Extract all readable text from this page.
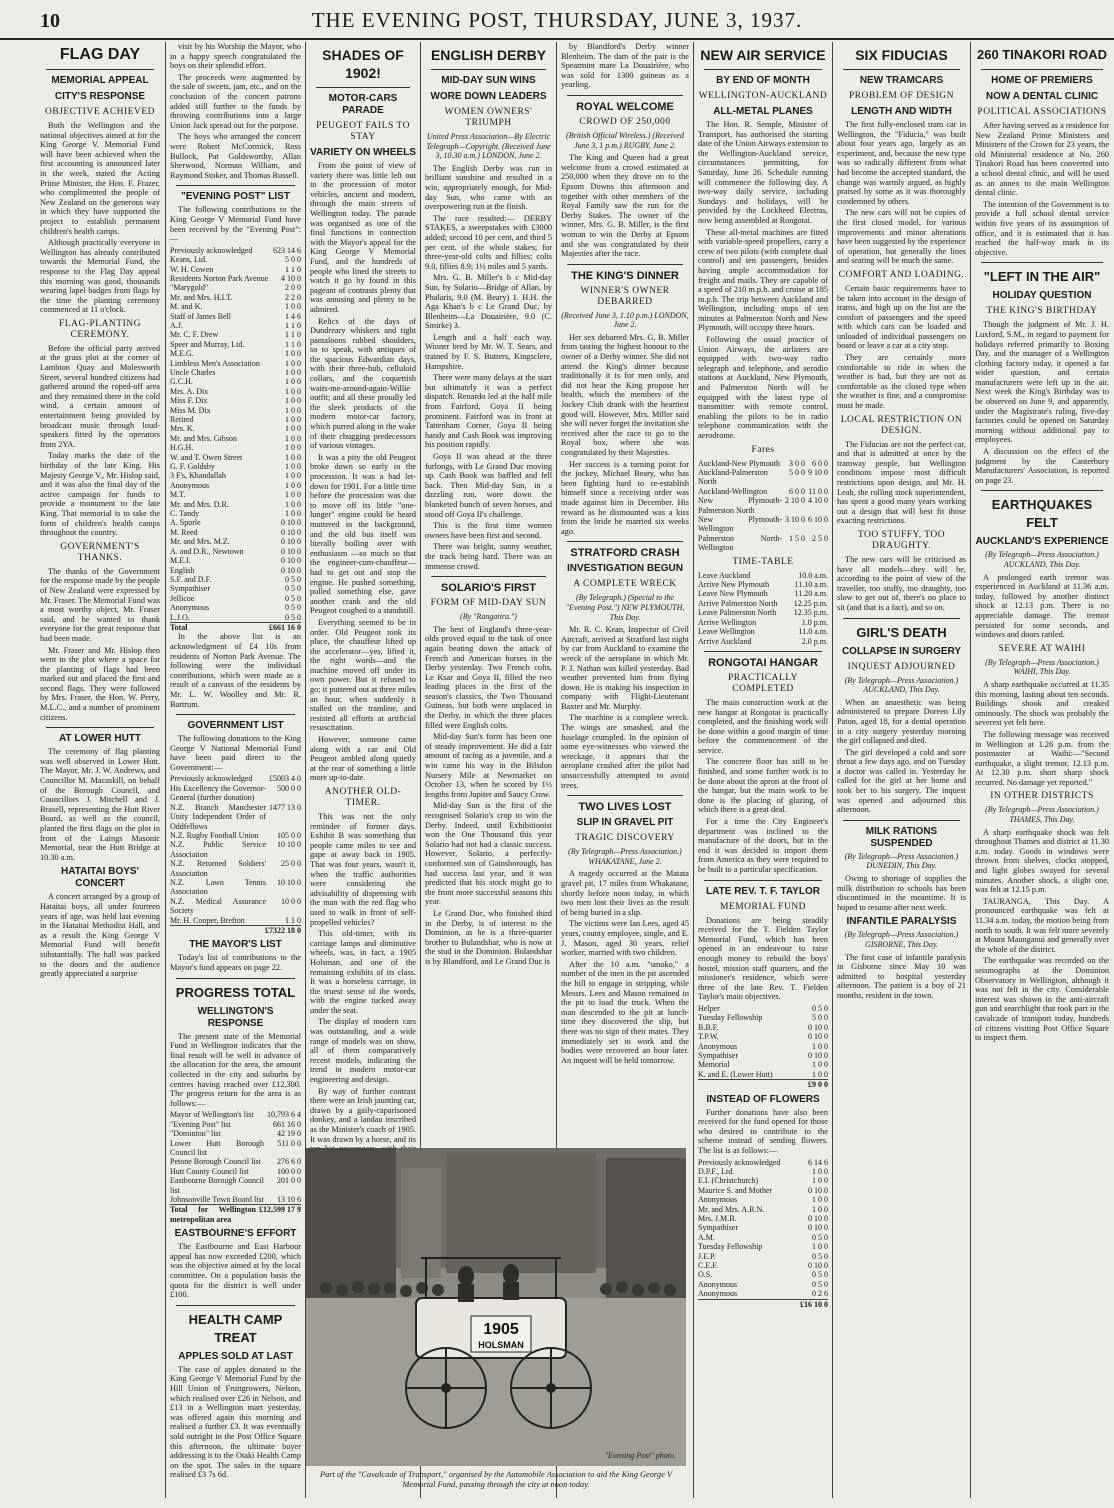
10	THE EVENING POST, THURSDAY, JUNE 3, 1937.
FLAG DAY
MEMORIAL APPEAL
CITY'S RESPONSE
OBJECTIVE ACHIEVED

Both the Wellington and the national objectives aimed at for the King George V. Memorial Fund will have been achieved when the first accounting is announced later in the week, stated the Acting Prime Minister, the Hon. F. Frazer, who complimented the people of New Zealand on the generous way in which they have supported the project to establish permanent children's health camps.

Although practically everyone in Wellington has already contributed towards the Memorial Fund, the response to the Flag Day appeal this morning was good, thousands wearing lapel badges from flags by the time the planting ceremony commenced at 11 o'clock.

FLAG-PLANTING CEREMONY.

Before the official party arrived at the grass plot at the corner of Lambton Quay and Molesworth Street, several hundred citizens had gathered around the roped-off area and they remained there in the cold wind, a certain amount of entertainment being provided by broadcast music through loud-speakers fitted by the operators from 2YA.

Today marks the date of the birthday of the late King. His Majesty George V., Mr. Hislop said, and it was also the final day of the active campaign for funds to provide a monument to the late King. That memorial is to take the form of children's health camps throughout the country.

GOVERNMENT'S THANKS.

The thanks of the Government for the response made by the people of New Zealand were expressed by Mr. Fraser. The Memorial Fund was a most worthy object, Mr. Fraser said, and he wanted to thank everyone for the great response that had been made.

Mr. Fraser and Mr. Hislop then went to the plot where a space for the planting of flags had been marked out and placed the first and second flags. They were followed by Mrs. Fraser, the Hon. W. Perry, M.L.C., and a number of prominent citizens.

AT LOWER HUTT

The ceremony of flag planting was well observed in Lower Hutt. The Mayor, Mr. J. W. Andrews, and Councillor M. Macaskill, on behalf of the Borough Council, and Councillors J. Mitchell and J. Brasell, representing the Hutt River Board, as well as the council, planted the first flags on the plot in front of the Laings Masonic Memorial, near the Hutt Bridge at 10.30 a.m.

HATAITAI BOYS' CONCERT

A concert arranged by a group of Hataitai boys, all under fourteen years of age, was held last evening in the Hataitai Methodist Hall, and as a result the King George V Memorial Fund will benefit substantially. The hall was packed to the doors and the audience greatly appreciated a surprise

visit by his Worship the Mayor, who in a happy speech congratulated the boys on their splendid effort.

The proceeds were augmented by the sale of sweets, jam, etc., and on the conclusion of the concert patrons added still further to the funds by throwing contributions into a large Union Jack spread out for the purpose.

The boys who arranged the concert were Robert McCormick, Ross Bullock, Pat Goldsworthy, Allan Sherwood, Norman William, and Raymond Stoker, and Thomas Russell.

"EVENING POST" LIST

The following contributions to the King George V Memorial Fund have been received by the "Evening Post":—

Previously acknowledged	623 14 6
Keans, Ltd.	5 0 0
W. H. Cowen	1 1 0
Residents Norton Park Avenue	4 10 0
"Marygold"	2 0 0
Mr. and Mrs. H.I.T.	2 2 0
M. and K.	1 0 0
Staff of James Bell	1 4 6
A.J.	1 1 0
Mr. C. F. Drew	1 1 0
Speer and Murray, Ltd.	1 1 0
M.E.G.	1 0 0
Limbless Men's Association	1 0 0
Uncle Charles	1 0 0
G.C.H.	1 0 0
Mrs. A. Dix	1 0 0
Miss F. Dix	1 0 0
Miss M. Dix	1 0 0
Retired	1 0 0
Mrs. K.	1 0 0
Mr. and Mrs. Gibson	1 0 0
H.G.H.	1 0 0
W. and T. Owen Street	1 0 0
G. F. Goldsby	1 0 0
3 F's, Khandallah	1 0 0
Anonymous	1 0 0
M.T.	1 0 0
Mr. and Mrs. D.R.	1 0 0
C. Tandy	1 0 0
A. Sporle	0 10 0
M. Reed	0 10 0
Mr. and Mrs. M.Z.	0 10 0
A. and D.R., Newtown	0 10 0
M.E.I.	0 10 0
English	0 10 0
S.F. and D.F.	0 5 0
Sympathiser	0 5 0
Jellicoe	0 5 0
Anonymous	0 5 0
L.J.O.	0 5 0
Total	£661 16 0

In the above list is an acknowledgment of £4 10s from residents of Norton Park Avenue. The following were the individual contributions, which were made as a result of a canvass of the residents by Mr. L. W. Woolley and Mr. R. Bartrum.

GOVERNMENT LIST

The following donations to the King George V National Memorial Fund have been paid direct to the Government:—

Previously acknowledged	£5003 4 0
His Excellency the Governor-General (further donation)	500 0 0
N.Z. Branch Manchester Unity Independent Order of Oddfellows	1477 13 0
N.Z. Rugby Football Union	105 0 0
N.Z. Public Service Association	10 10 0
N.Z. Returned Soldiers' Association	25 0 0
N.Z. Lawn Tennis Association	10 10 0
N.Z. Medical Assurance Society	10 0 0
Mr. H. Cooper, Brefton	1 1 0
	£7322 18 0
THE MAYOR'S LIST

Today's list of contributions to the Mayor's fund appears on page 22.

PROGRESS TOTAL
WELLINGTON'S RESPONSE

The present state of the Memorial Fund in Wellington indicates that the final result will be well in advance of the allocation for the area, the amount collected in the city and suburbs by centres having reached over £12,300. The progress return for the area is as follows:—

Mayor of Wellington's list	10,793 6 4
"Evening Post" list	661 16 0
"Dominion" list	42 19 0
Lower Hutt Borough Council list	511 0 0
Petone Borough Council list	276 6 0
Hutt County Council list	100 0 0
Eastbourne Borough Council list	201 0 0
Johnsonville Town Board list	13 10 6
Total for Wellington metropolitan area	£12,599 17 9
EASTBOURNE'S EFFORT

The Eastbourne and East Harbour appeal has now exceeded £200, which was the objective aimed at by the local committee. On a population basis the quota for the district is well under £100.

HEALTH CAMP TREAT
APPLES SOLD AT LAST

The case of apples donated to the King George V Memorial Fund by the Hill Union of Fruitgrowers, Nelson, which realised over £26 in Nelson, and £13 in a Wellington mart yesterday, was offered again this morning and realised a further £3. It was eventually sold outright in the Post Office Square this afternoon, the ultimate buyer addressing it to the Otaki Health Camp on the spot. The sales in the square realised £3 7s 6d.

SHADES OF 1902!
MOTOR-CARS PARADE
PEUGEOT FAILS TO STAY
VARIETY ON WHEELS

From the point of view of variety there was little left out in the procession of motor vehicles, ancient and modern, through the main streets of Wellington today. The parade was organised as one of the final functions in connection with the Mayor's appeal for the King George V Memorial Fund, and the hundreds of people who lined the streets to watch it go by found in this pageant of contrasts plenty that was amusing and plenty to be admired.

Relics of the days of Dundreary whiskers and tight pantaloons rubbed shoulders, so to speak, with antiques of the spacious Edwardian days, with their three-hub, celluloid collars, and the coquettish waits-me-around-again-Willie outfit; and all these proudly led the sleek products of the modern motor-car factory, which purred along in the wake of their chugging predecessors of various vintages.

It was a pity the old Peugeot broke down so early in the procession. It was a bad let-down for 1901. For a little time before the procession was due to move off its little "one-lunger" engine could be heard muttered in the background, and the old bus itself was literally boiling over with enthusiasm —so much so that the engineer-cum-chauffeur—had to get out and stop the engine. He pushed something, pulled something else, gave another crank and the old Peugeot coughed to a standstill.

Everything seemed to be in order. Old Peugeot took its place, the chauffeur lifted up the accelerator—yes, lifted it, the right words—and the machine moved off under its own power. But it refused to go; it puttered out at three miles an hour, when suddenly it stalled on the tramline, and resisted all efforts at artificial resuscitation.

However, someone came along with a car and Old Peugeot ambled along quietly at the rear of something a little more up-to-date.

ANOTHER OLD-TIMER.

This was not the only reminder of former days. Exhibit B was something that people came miles to see and gape at away back in 1905. That was four years, wasn't it, when the traffic authorities were considering the advisability of dispensing with the man with the red flag who used to walk in front of self-propelled vehicles?

This old-timer, with its carriage lamps and diminutive wheels, was, in fact, a 1905 Holsman, and one of the remaining exhibits of its class. It was a horseless carriage, in the truest sense of the words, with the engine tucked away under the seat.

The display of modern cars was outstanding, and a wide range of models was on show, all of them comparatively recent models, indicating the trend in modern motor-car engineering and design.

By way of further contrast there were an Irish jaunting car, drawn by a gaily-caparisoned donkey, and a landau inscribed as the Minister's coach of 1905. It was drawn by a horse, and its

ENGLISH DERBY
MID-DAY SUN WINS
WORE DOWN LEADERS
WOMEN OWNERS' TRIUMPH
United Press Association—By Electric Telegraph—Copyright. (Received June 3, 10.30 a.m.) LONDON, June 2.

The English Derby was run in brilliant sunshine and resulted in a win, appropriately enough, for Mid-day Sun, who came with an overpowering run at the finish.

The race resulted:— DERBY STAKES, a sweepstakes with £3000 added; second 10 per cent, and third 5 per cent. of the whole stakes; for three-year-old colts and fillies; colts 9.0, fillies 8.9; 1½ miles and 5 yards.

Mrs. G. B. Miller's b c Mid-day Sun, by Solario—Bridge of Allan, by Phalaris, 9.0 (M. Beary) 1. H.H. the Aga Khan's b c Le Grand Duc, by Blenheim—La Douairière, 9.0 (C. Smirke) 3.

Length and a half each way. Winner bred by Mr. W. T. Sears, and trained by F. S. Butters, Kingsclere, Hampshire.

There were many delays at the start but ultimately it was a perfect dispatch. Renardo led at the half mile from Fairford, Goya II being prominent. Fairford was in front at Tattenham Corner, Goya II being handy and Cash Book was improving his position rapidly.

Goya II was ahead at the three furlongs, with Le Grand Duc moving up. Cash Book was baffled and fell back. Then Mid-day Sun, in a dazzling run, wore down the blanketed bunch of seven horses, and stood off Goya II's challenge.

This is the first time women owners have been first and second.

There was bright, sunny weather, the track being hard. There was an immense crowd.

SOLARIO'S FIRST
FORM OF MID-DAY SUN
(By "Rangatira.")

The best of England's three-year-olds proved equal to the task of once again beating down the attack of French and American horses in the Derby yesterday. Two French colts, Le Ksar and Goya II, filled the two leading places in the first of the season's classics, the Two Thousand Guineas, but both were unplaced in the Derby, in which the three places filled were English colts.

Mid-day Sun's form has been one of steady improvement. He did a fair amount of racing as a juvenile, and a win came his way in the Bilsdon Nursery Mile at Newmarket on October 13, when he scored by 1½ lengths from Jupiter and Saucy Crow.

Mid-day Sun is the first of the recognised Solario's crop to win the Derby. Indeed, until Exhibitionist won the One Thousand this year Solario had not had a classic success. However, Solario, a perfectly-conformed son of Gainsborough, has had success last year, and it was predicted that his stock might go to the front more successful seasons this year.

Le Grand Duc, who finished third in the Derby, is of interest to the Dominion, as he is a three-quarter brother to Bulandshar, who is now at the stud in the Dominion. Bulandshar is by Blandford, and Le Grand Duc is

by Blandford's Derby winner Blenheim. The dam of the pair is the Spearmint mare La Douairière, who was sold for 1300 guineas as a yearling.

ROYAL WELCOME
CROWD OF 250,000
(British Official Wireless.) (Received June 3, 1 p.m.) RUGBY, June 2.

The King and Queen had a great welcome from a crowd estimated at 250,000 when they drove on to the Epsom Downs this afternoon and together with other members of the Royal Family saw the run for the Derby Stakes. The owner of the winner, Mrs. G. B. Miller, is the first woman to win the Derby at Epsom and she was congratulated by their Majesties after the race.

THE KING'S DINNER
WINNER'S OWNER DEBARRED
(Received June 3, 1.10 p.m.) LONDON, June 2.

Her sex debarred Mrs. G. B. Miller from tasting the highest honour to the owner of a Derby winner. She did not attend the King's dinner because traditionally it is for men only, and did not hear the King propose her health, which the members of the Jockey Club drank with the heartiest good will. However, Mrs. Miller said she will never forget the invitation she received after the race to go to the Royal box, where she was congratulated by their Majesties.

Her success is a turning point for the jockey, Michael Beary, who has been fighting hard to re-establish himself since a receiving order was made against him in December. His reward as he dismounted was a kiss from the bride he married six weeks ago.

STRATFORD CRASH
INVESTIGATION BEGUN
A COMPLETE WRECK
(By Telegraph.) (Special to the "Evening Post.") NEW PLYMOUTH, This Day.

Mr. R. C. Kean, Inspector of Civil Aircraft, arrived at Stratford last night by car from Auckland to examine the wreck of the aeroplane in which Mr. P. J. Nathan was killed yesterday. Bad weather prevented him from flying down. He is making his inspection in company with Flight-Lieutenant Baxter and Mr. Murphy.

The machine is a complete wreck. The wings are smashed, and the fuselage crumpled. In the opinion of some eye-witnesses who viewed the wreckage, it appears that the aeroplane crashed after the pilot had unsuccessfully attempted to avoid trees.

TWO LIVES LOST
SLIP IN GRAVEL PIT
TRAGIC DISCOVERY
(By Telegraph—Press Association.) WHAKATANE, June 2.

A tragedy occurred at the Matata gravel pit, 17 miles from Whakatane, shortly before noon today, in which two men lost their lives as the result of being buried in a slip.

The victims were Ian Lees, aged 45 years, county employee, single, and E. J. Mason, aged 30 years, relief worker, married with two children.

After the 10 a.m. "smoko," a number of the men in the pit ascended the hill to engage in stripping, while Messrs. Lees and Mason remained in the pit to load the truck. When the man descended to the pit at lunch-time they discovered the slip, but there was no sign of their mates. They immediately set to work and the bodies were recovered an hour later. An inquest will be held tomorrow.

NEW AIR SERVICE
BY END OF MONTH
WELLINGTON-AUCKLAND
ALL-METAL PLANES

The Hon. R. Semple, Minister of Transport, has authorised the starting date of the Union Airways extension to the Wellington-Auckland service, circumstances permitting, for Saturday, June 26. Schedule running will commence the following day. A two-way daily service, including Sundays and holidays, will be provided by the Lockheed Electras, now being assembled at Rongotai.

These all-metal machines are fitted with variable-speed propellers, carry a crew of two pilots (with complete dual control) and ten passengers, besides having ample accommodation for freight and mails. They are capable of a speed of 210 m.p.h. and cruise at 185 m.p.h. The trip between Auckland and Wellington, including stops of ten minutes at Palmerston North and New Plymouth, will occupy three hours.

Following the usual practice of Union Airways, the airliners are equipped with two-way radio telegraph and telephone, and aerodio stations at Auckland, New Plymouth, and Palmerston North will be equipped with the latest type of transmitter with remote control, enabling the pilots to be in radio telephone communication with the aerodrome.

Fares
Auckland-New Plymouth	3 0 0	6 0 0
Auckland-Palmerston North	5 0 0	9 10 0
Auckland-Wellington	6 0 0	11 0 0
New Plymouth-Palmerston North	2 10 0	4 10 0
New Plymouth-Wellington	3 10 0	6 10 0
Palmerston North-Wellington	1 5 0	2 5 0
TIME-TABLE
Leave Auckland	10.0 a.m.
Arrive New Plymouth	11.10 a.m.
Leave New Plymouth	11.20 a.m.
Arrive Palmerston North	12.25 p.m.
Leave Palmerston North	12.35 p.m.
Arrive Wellington	1.0 p.m.
Leave Wellington	11.0 a.m.
Arrive Auckland	2.0 p.m.
RONGOTAI HANGAR
PRACTICALLY COMPLETED

The main construction work at the new hangar at Rongotai is practically completed, and the finishing work will be done within a good margin of time before the commencement of the service.

The concrete floor has still to be finished, and some further work is to be done about the apron at the front of the hangar, but the main work to be done is the placing of glazing, of which there is a great deal.

For a time the City Engineer's department was inclined to the manufacture of the doors, but in the end it was decided to import them from America as they were required to be built to a particular specification.

LATE REV. T. F. TAYLOR
MEMORIAL FUND

Donations are being steadily received for the T. Fielden Taylor Memorial Fund, which has been opened in an endeavour to raise enough money to rebuild the boys' hostel, mission staff quarters, and the missioner's residence, which were three of the late Rev. T. Fielden Taylor's main objectives.

Helper	0 5 0
Tuesday Fellowship	5 0 0
B.B.F.	0 10 0
T.P.W.	0 10 0
Anonymous	1 0 0
Sympathiser	0 10 0
Memorial	1 0 0
K. and E. (Lower Hutt)	1 0 0
	£9 0 0
INSTEAD OF FLOWERS

Further donations have also been received for the fund opened for those who desired to contribute to the scheme instead of sending flowers. The list is as follows:—

Previously acknowledged	6 14 6
D.P.F., Ltd.	1 0 0
E.I. (Christchurch)	1 0 0
Maurice S. and Mother	0 10 0
Anonymous	1 0 0
Mr. and Mrs. A.R.N.	1 0 0
Mrs. J.M.B.	0 10 0
Sympathiser	0 10 0
A.M.	0 5 0
Tuesday Fellowship	1 0 0
J.E.P.	0 5 0
C.E.F.	0 10 0
O.S.	0 5 0
Anonymous	0 5 0
Anonymous	0 2 6
	£16 10 0
SIX FIDUCIAS
NEW TRAMCARS
PROBLEM OF DESIGN
LENGTH AND WIDTH

The first fully-enclosed tram car in Wellington, the "Fiducia," was built about four years ago, largely as an experiment, and, because the new type was so radically different from what had become the accepted standard, the change was warmly argued, as highly praised by some as it was thoroughly condemned by others.

The new cars will not be copies of the first closed model, for various improvements and minor alterations have been suggested by the experience of operation, but generally the lines and seating will be much the same.

COMFORT AND LOADING.

Certain basic requirements have to be taken into account in the design of trams, and high up on the list are the comfort of passengers and the speed with which cars can be loaded and unloaded of individual passengers on board or leave a car at a city stop.

They are certainly more comfortable to ride in when the weather is bad, but they are not as comfortable as the closed type when the weather is fine, and a compromise must be made.

LOCAL RESTRICTION ON DESIGN.

The Fiducias are not the perfect car, and that is admitted at once by the tramway people, but Wellington conditions impose most difficult restrictions upon design, and Mr. H. Leah, the rolling stock superintendent, has spent a good many years working out a design that will best fit those exacting restrictions.

TOO STUFFY, TOO DRAUGHTY.

The new cars will be criticised as have all models—they will be, according to the point of view of the traveller, too stuffy, too draughty, too slow to get out of, there's no place to sit (and that is a fact), and so on.

GIRL'S DEATH
COLLAPSE IN SURGERY
INQUEST ADJOURNED
(By Telegraph—Press Association.) AUCKLAND, This Day.

When an anaesthetic was being administered to prepare Doreen Lily Paton, aged 18, for a dental operation in a city surgery yesterday morning the girl collapsed and died.

The girl developed a cold and sore throat a few days ago, and on Tuesday a doctor was called in. Yesterday he called for the girl at her home and took her to his surgery. The inquest was opened and adjourned this afternoon.

MILK RATIONS SUSPENDED
(By Telegraph—Press Association.) DUNEDIN, This Day.

Owing to shortage of supplies the milk distribution to schools has been discontinued in the meantime. It is hoped to resume after next week.

INFANTILE PARALYSIS
(By Telegraph—Press Association.) GISBORNE, This Day.

The first case of infantile paralysis in Gisborne since May 10 was admitted to hospital yesterday afternoon. The patient is a boy of 21 months, resident in the town.

260 TINAKORI ROAD
HOME OF PREMIERS
NOW A DENTAL CLINIC
POLITICAL ASSOCIATIONS

After having served as a residence for New Zealand Prime Ministers and Ministers of the Crown for 23 years, the old Ministerial residence at No. 260 Tinakori Road has been converted into a school dental clinic, and will be used as an annex to the main Wellington dental clinic.

The intention of the Government is to provide a full school dental service within five years of its assumption of office, and it is estimated that it has reached the half-way mark in its objective.

"LEFT IN THE AIR"
HOLIDAY QUESTION
THE KING'S BIRTHDAY

Though the judgment of Mr. J. H. Luxford, S.M., in regard to payment for holidays referred primarily to Boxing Day, and the manager of a Wellington clothing factory today, it opened a far wider question, and certain manufacturers were left up in the air. Next week the King's Birthday was to be observed on June 9, and apparently, under the Magistrate's ruling, five-day factories could be opened on Saturday morning without additional pay to employees.

A discussion on the effect of the judgment by the Canterbury Manufacturers' Association, is reported on page 23.

EARTHQUAKES FELT
AUCKLAND'S EXPERIENCE
(By Telegraph—Press Association.) AUCKLAND, This Day.

A prolonged earth tremor was experienced in Auckland at 11.36 a.m. today, followed by another distinct shock at 12.13 p.m. There is no appreciable damage. The tremor persisted for some seconds, and windows and doors rattled.

SEVERE AT WAIHI
(By Telegraph—Press Association.) WAIHI, This Day.

A sharp earthquake occurred at 11.35 this morning, lasting about ten seconds. Buildings shook and creaked ominously. The shock was probably the severest yet felt here.

The following message was received in Wellington at 1.26 p.m. from the postmaster at Waihi:—"Second earthquake, a slight tremor, 12.13 p.m. At 12.30 p.m. short sharp shock recurred. No damage yet reported."

IN OTHER DISTRICTS
(By Telegraph—Press Association.) THAMES, This Day.

A sharp earthquake shock was felt throughout Thames and district at 11.30 a.m. today. Goods in windows were thrown from shelves, clocks stopped, and light globes swayed for several minutes. Another shock, a slight one, was felt at 12.15 p.m.

TAURANGA, This Day. A pronounced earthquake was felt at 11.34 a.m. today, the motion being from north to south. It was felt more severely at Mount Maunganui and generally over the whole of the district.

The earthquake was recorded on the seismographs at the Dominion Observatory in Wellington, although it was not felt in the city. Considerable interest was shown in the anti-aircraft gun and searchlight that took part in the cavalcade of transport today, hundreds of citizens visiting Post Office Square to inspect them.

1905
HOLSMAN
"Evening Post" photo.
Part of the "Cavalcade of Transport," organised by the Automobile Association to aid the King George V Memorial Fund, passing through the city at noon today.
